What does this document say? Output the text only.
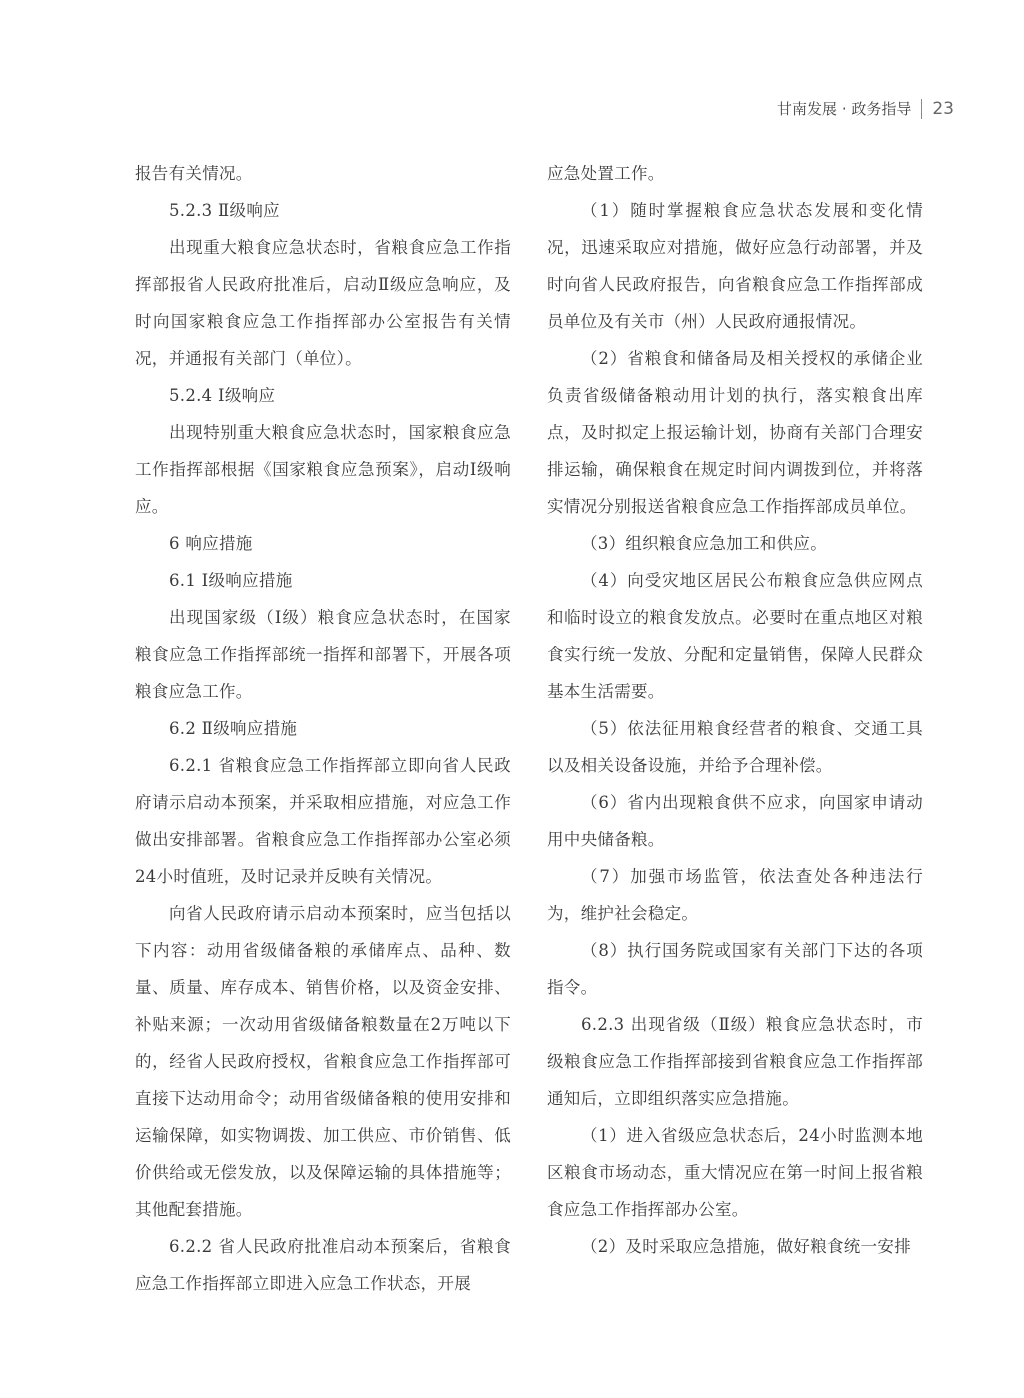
甘南发展 · 政务指导 23

报告有关情况。

5.2.3 Ⅱ级响应

出现重大粮食应急状态时，省粮食应急工作指挥部报省人民政府批准后，启动Ⅱ级应急响应，及时向国家粮食应急工作指挥部办公室报告有关情况，并通报有关部门（单位）。

5.2.4 Ⅰ级响应

出现特别重大粮食应急状态时，国家粮食应急工作指挥部根据《国家粮食应急预案》，启动Ⅰ级响应。

6 响应措施

6.1 Ⅰ级响应措施

出现国家级（Ⅰ级）粮食应急状态时，在国家粮食应急工作指挥部统一指挥和部署下，开展各项粮食应急工作。

6.2 Ⅱ级响应措施

6.2.1 省粮食应急工作指挥部立即向省人民政府请示启动本预案，并采取相应措施，对应急工作做出安排部署。省粮食应急工作指挥部办公室必须24小时值班，及时记录并反映有关情况。

向省人民政府请示启动本预案时，应当包括以下内容：动用省级储备粮的承储库点、品种、数量、质量、库存成本、销售价格，以及资金安排、补贴来源；一次动用省级储备粮数量在2万吨以下的，经省人民政府授权，省粮食应急工作指挥部可直接下达动用命令；动用省级储备粮的使用安排和运输保障，如实物调拨、加工供应、市价销售、低价供给或无偿发放，以及保障运输的具体措施等；其他配套措施。

6.2.2 省人民政府批准启动本预案后，省粮食应急工作指挥部立即进入应急工作状态，开展

应急处置工作。

（1）随时掌握粮食应急状态发展和变化情况，迅速采取应对措施，做好应急行动部署，并及时向省人民政府报告，向省粮食应急工作指挥部成员单位及有关市（州）人民政府通报情况。

（2）省粮食和储备局及相关授权的承储企业负责省级储备粮动用计划的执行，落实粮食出库点，及时拟定上报运输计划，协商有关部门合理安排运输，确保粮食在规定时间内调拨到位，并将落实情况分别报送省粮食应急工作指挥部成员单位。

（3）组织粮食应急加工和供应。

（4）向受灾地区居民公布粮食应急供应网点和临时设立的粮食发放点。必要时在重点地区对粮食实行统一发放、分配和定量销售，保障人民群众基本生活需要。

（5）依法征用粮食经营者的粮食、交通工具以及相关设备设施，并给予合理补偿。

（6）省内出现粮食供不应求，向国家申请动用中央储备粮。

（7）加强市场监管，依法查处各种违法行为，维护社会稳定。

（8）执行国务院或国家有关部门下达的各项指令。

6.2.3 出现省级（Ⅱ级）粮食应急状态时，市级粮食应急工作指挥部接到省粮食应急工作指挥部通知后，立即组织落实应急措施。

（1）进入省级应急状态后，24小时监测本地区粮食市场动态，重大情况应在第一时间上报省粮食应急工作指挥部办公室。

（2）及时采取应急措施，做好粮食统一安排
